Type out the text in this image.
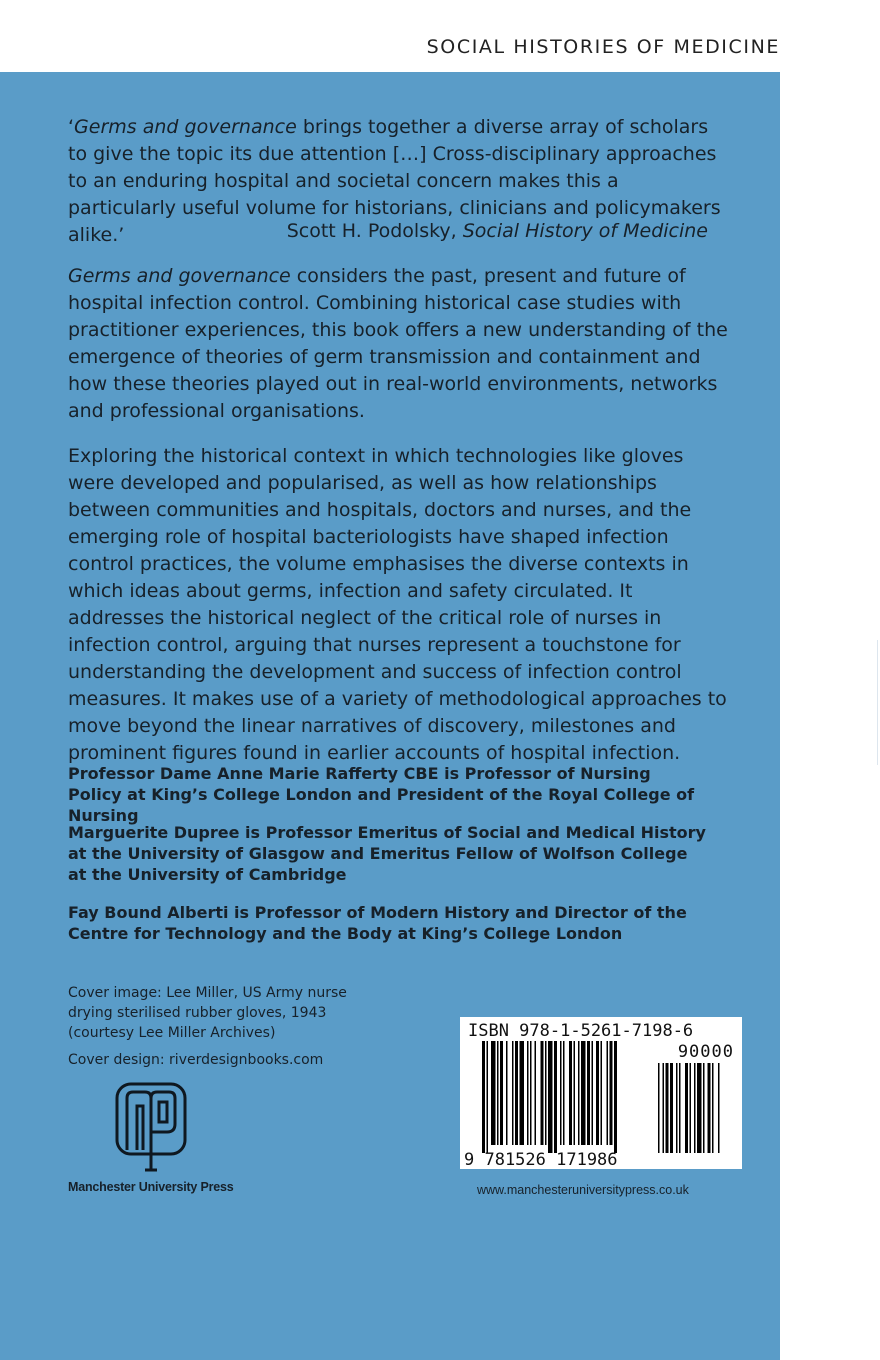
SOCIAL HISTORIES OF MEDICINE

‘Germs and governance brings together a diverse array of scholars to give the topic its due attention […] Cross-disciplinary approaches to an enduring hospital and societal concern makes this a particularly useful volume for historians, clinicians and policymakers alike.’	Scott H. Podolsky, Social History of Medicine

Germs and governance considers the past, present and future of hospital infection control. Combining historical case studies with practitioner experiences, this book offers a new understanding of the emergence of theories of germ transmission and containment and how these theories played out in real-world environments, networks and professional organisations.

Exploring the historical context in which technologies like gloves were developed and popularised, as well as how relationships between communities and hospitals, doctors and nurses, and the emerging role of hospital bacteriologists have shaped infection control practices, the volume emphasises the diverse contexts in which ideas about germs, infection and safety circulated. It addresses the historical neglect of the critical role of nurses in infection control, arguing that nurses represent a touchstone for understanding the development and success of infection control measures. It makes use of a variety of methodological approaches to move beyond the linear narratives of discovery, milestones and prominent figures found in earlier accounts of hospital infection.

Professor Dame Anne Marie Rafferty CBE is Professor of Nursing Policy at King’s College London and President of the Royal College of Nursing
Marguerite Dupree is Professor Emeritus of Social and Medical History at the University of Glasgow and Emeritus Fellow of Wolfson College at the University of Cambridge
Fay Bound Alberti is Professor of Modern History and Director of the Centre for Technology and the Body at King’s College London
Cover image: Lee Miller, US Army nurse
drying sterilised rubber gloves, 1943
(courtesy Lee Miller Archives)
Cover design: riverdesignbooks.com
Manchester University Press
ISBN 978-1-5261-7198-6
90000
9 781526 171986
www.manchesteruniversitypress.co.uk
